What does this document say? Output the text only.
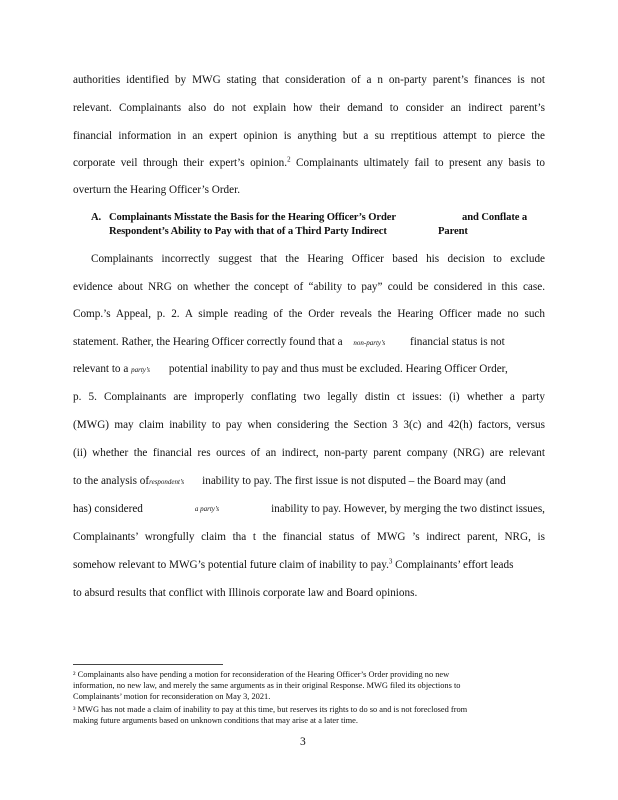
authorities identified by MWG stating that consideration of a n on-party parent’s finances is not
relevant. Complainants also do not explain how their demand to consider an indirect parent’s
financial information in an expert opinion is anything but a su rreptitious attempt to pierce the
corporate veil through their expert’s opinion.$^2$ Complainants ultimately fail to present any basis to
overturn the Hearing Officer’s Order.
A. Complainants Misstate the Basis for the Hearing Officer’s Order	and Conflate a
Respondent’s Ability to Pay with that of a Third Party Indirect	Parent
Complainants incorrectly suggest that the Hearing Officer based his decision to exclude
evidence about NRG on whether the concept of “ability to pay” could be considered in this case.
Comp.’s Appeal, p. 2. A simple reading of the Order reveals the Hearing Officer made no such
statement. Rather, the Hearing Officer correctly found that a non-party’s financial status is not
relevant to a party’s potential inability to pay and thus must be excluded. Hearing Officer Order,
p. 5. Complainants are improperly conflating two legally distin ct issues: (i) whether a party
(MWG) may claim inability to pay when considering the Section 3 3(c) and 42(h) factors, versus
(ii) whether the financial res ources of an indirect, non-party parent company (NRG) are relevant
to the analysis ofrespondent’s inability to pay. The first issue is not disputed – the Board may (and
has) considered	a party’s	inability to pay. However, by merging the two distinct issues,
Complainants’ wrongfully claim tha t the financial status of MWG ’s indirect parent, NRG, is
somehow relevant to MWG’s potential future claim of inability to pay.$^3$ Complainants’ effort leads
to absurd results that conflict with Illinois corporate law and Board opinions.
² Complainants also have pending a motion for reconsideration of the Hearing Officer’s Order providing no new
information, no new law, and merely the same arguments as in their original Response. MWG filed its objections to
Complainants’ motion for reconsideration on May 3, 2021.
³ MWG has not made a claim of inability to pay at this time, but reserves its rights to do so and is not foreclosed from
making future arguments based on unknown conditions that may arise at a later time.
3
